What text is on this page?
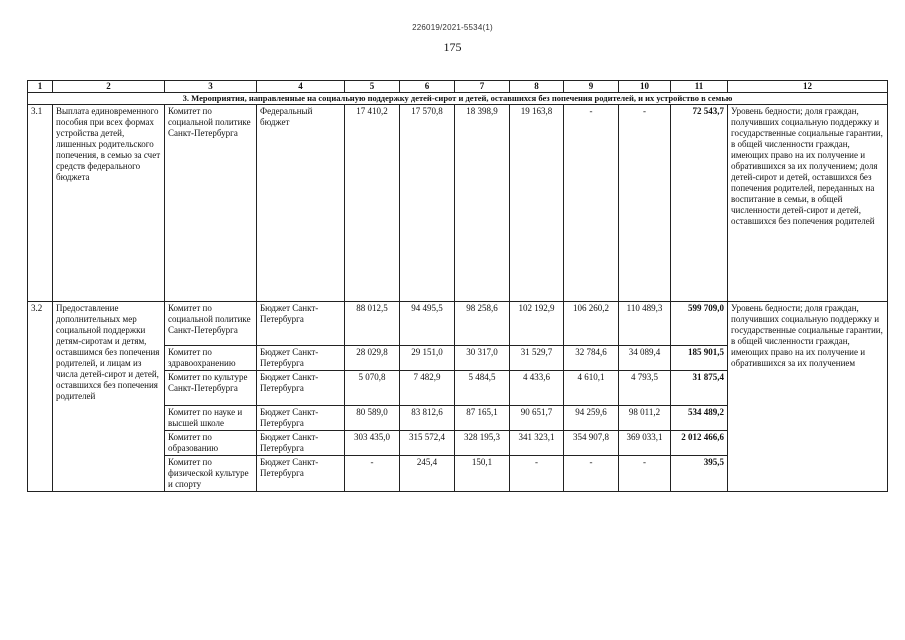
226019/2021-5534(1)
175
1	2	3	4	5	6	7	8	9	10	11	12
3. Мероприятия, направленные на социальную поддержку детей-сирот и детей, оставшихся без попечения родителей, и их устройство в семью											
3.1	Выплата единовременного пособия при всех формах устройства детей, лишенных родительского попечения, в семью за счет средств федерального бюджета	Комитет по социальной политике Санкт-Петербурга	Федеральный бюджет	17 410,2	17 570,8	18 398,9	19 163,8	-	-	72 543,7	Уровень бедности; доля граждан, получивших социальную поддержку и государственные социальные гарантии, в общей численности граждан, имеющих право на их получение и обратившихся за их получением; доля детей-сирот и детей, оставшихся без попечения родителей, переданных на воспитание в семьи, в общей численности детей-сирот и детей, оставшихся без попечения родителей
3.2	Предоставление дополнительных мер социальной поддержки детям-сиротам и детям, оставшимся без попечения родителей, и лицам из числа детей-сирот и детей, оставшихся без попечения родителей	Комитет по социальной политике Санкт-Петербурга	Бюджет Санкт-Петербурга	88 012,5	94 495,5	98 258,6	102 192,9	106 260,2	110 489,3	599 709,0	Уровень бедности; доля граждан, получивших социальную поддержку и государственные социальные гарантии, в общей численности граждан, имеющих право на их получение и обратившихся за их получением
		Комитет по здравоохранению	Бюджет Санкт-Петербурга	28 029,8	29 151,0	30 317,0	31 529,7	32 784,6	34 089,4	185 901,5	
		Комитет по культуре Санкт-Петербурга	Бюджет Санкт-Петербурга	5 070,8	7 482,9	5 484,5	4 433,6	4 610,1	4 793,5	31 875,4	
		Комитет по науке и высшей школе	Бюджет Санкт-Петербурга	80 589,0	83 812,6	87 165,1	90 651,7	94 259,6	98 011,2	534 489,2	
		Комитет по образованию	Бюджет Санкт-Петербурга	303 435,0	315 572,4	328 195,3	341 323,1	354 907,8	369 033,1	2 012 466,6	
		Комитет по физической культуре и спорту	Бюджет Санкт-Петербурга	-	245,4	150,1	-	-	-	395,5	
